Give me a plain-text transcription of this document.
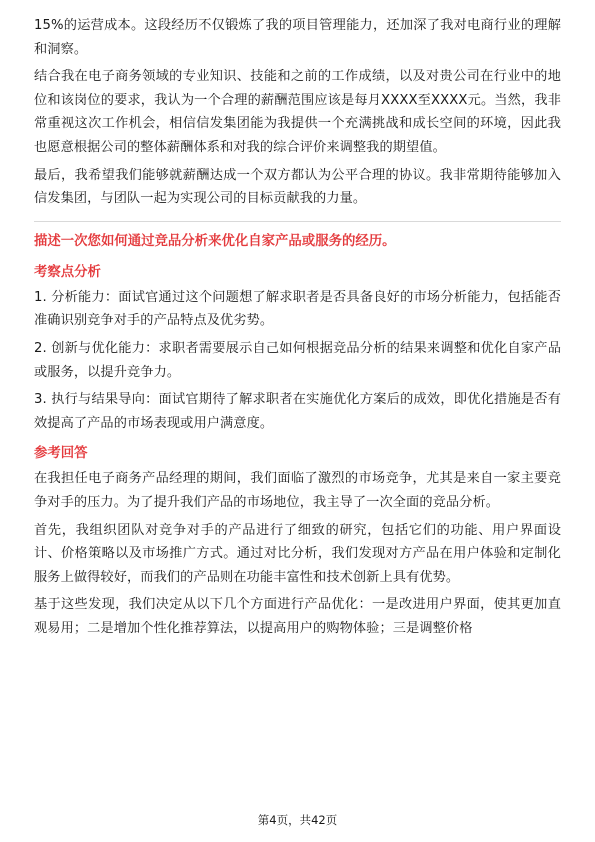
15%的运营成本。这段经历不仅锻炼了我的项目管理能力，还加深了我对电商行业的理解和洞察。

结合我在电子商务领域的专业知识、技能和之前的工作成绩，以及对贵公司在行业中的地位和该岗位的要求，我认为一个合理的薪酬范围应该是每月XXXX至XXXX元。当然，我非常重视这次工作机会，相信信发集团能为我提供一个充满挑战和成长空间的环境，因此我也愿意根据公司的整体薪酬体系和对我的综合评价来调整我的期望值。

最后，我希望我们能够就薪酬达成一个双方都认为公平合理的协议。我非常期待能够加入信发集团，与团队一起为实现公司的目标贡献我的力量。

描述一次您如何通过竞品分析来优化自家产品或服务的经历。
考察点分析

1. 分析能力：面试官通过这个问题想了解求职者是否具备良好的市场分析能力，包括能否准确识别竞争对手的产品特点及优劣势。

2. 创新与优化能力：求职者需要展示自己如何根据竞品分析的结果来调整和优化自家产品或服务，以提升竞争力。

3. 执行与结果导向：面试官期待了解求职者在实施优化方案后的成效，即优化措施是否有效提高了产品的市场表现或用户满意度。

参考回答

在我担任电子商务产品经理的期间，我们面临了激烈的市场竞争，尤其是来自一家主要竞争对手的压力。为了提升我们产品的市场地位，我主导了一次全面的竞品分析。

首先，我组织团队对竞争对手的产品进行了细致的研究，包括它们的功能、用户界面设计、价格策略以及市场推广方式。通过对比分析，我们发现对方产品在用户体验和定制化服务上做得较好，而我们的产品则在功能丰富性和技术创新上具有优势。

基于这些发现，我们决定从以下几个方面进行产品优化：一是改进用户界面，使其更加直观易用；二是增加个性化推荐算法，以提高用户的购物体验；三是调整价格

第4页，共42页
